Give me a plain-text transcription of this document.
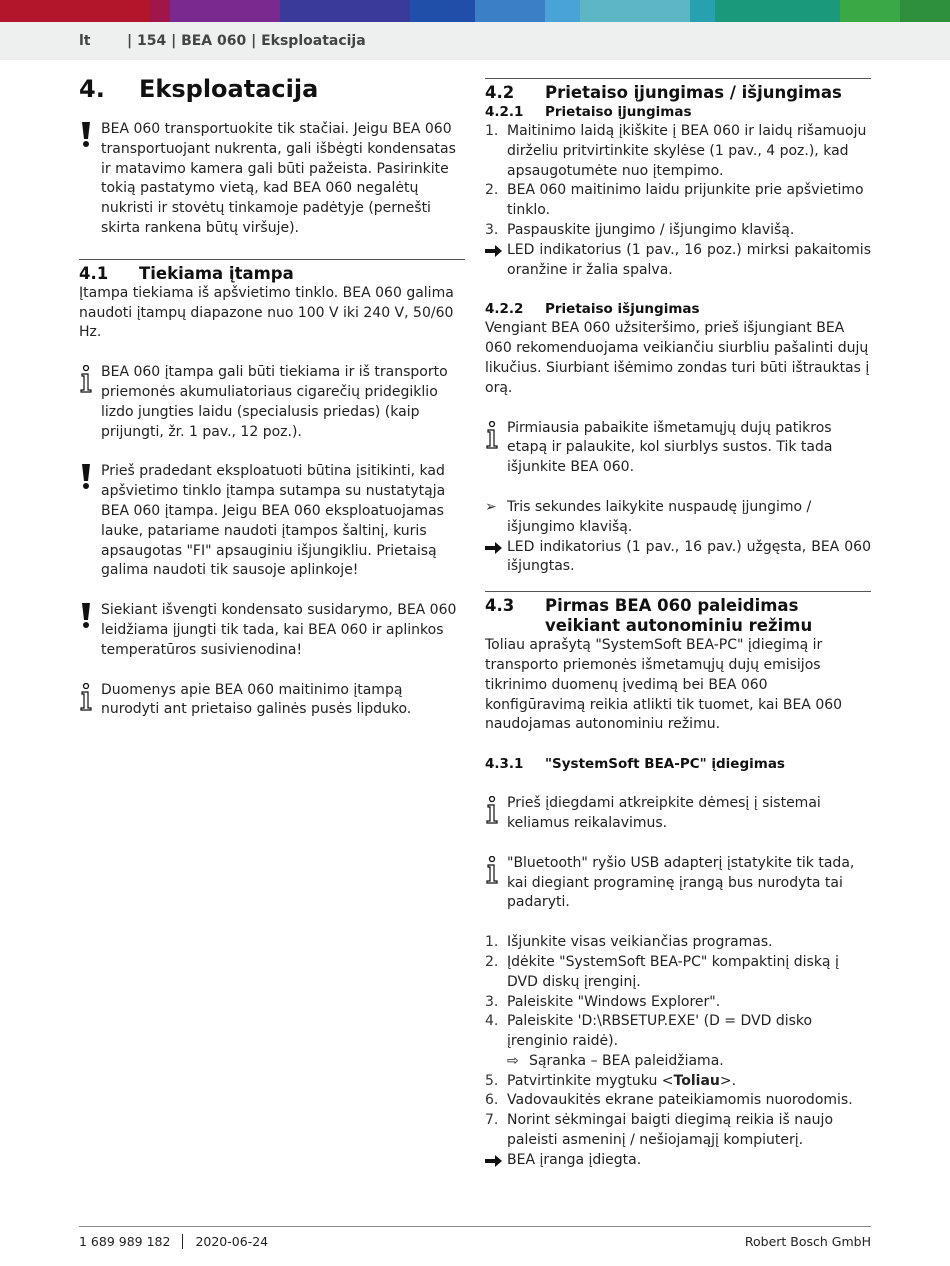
lt	| 154 | BEA 060 | Eksploatacija
4.	Eksploatacija

BEA 060 transportuokite tik stačiai. Jeigu BEA 060 transportuojant nukrenta, gali išbėgti kondensatas ir matavimo kamera gali būti pažeista. Pasirinkite tokią pastatymo vietą, kad BEA 060 negalėtų nukristi ir stovėtų tinkamoje padėtyje (pernešti skirta rankena būtų viršuje).

4.1	Tiekiama įtampa

Įtampa tiekiama iš apšvietimo tinklo. BEA 060 galima naudoti įtampų diapazone nuo 100 V iki 240 V, 50/60 Hz.

BEA 060 įtampa gali būti tiekiama ir iš transporto priemonės akumuliatoriaus cigarečių pridegiklio lizdo jungties laidu (specialusis priedas) (kaip prijungti, žr. 1 pav., 12 poz.).

Prieš pradedant eksploatuoti būtina įsitikinti, kad apšvietimo tinklo įtampa sutampa su nustatytąja BEA 060 įtampa. Jeigu BEA 060 eksploatuojamas lauke, patariame naudoti įtampos šaltinį, kuris apsaugotas "FI" apsauginiu išjungikliu. Prietaisą galima naudoti tik sausoje aplinkoje!

Siekiant išvengti kondensato susidarymo, BEA 060 leidžiama įjungti tik tada, kai BEA 060 ir aplinkos temperatūros susivienodina!

Duomenys apie BEA 060 maitinimo įtampą nurodyti ant prietaiso galinės pusės lipduko.

4.2	Prietaiso įjungimas / išjungimas
4.2.1	Prietaiso įjungimas
1. Maitinimo laidą įkiškite į BEA 060 ir laidų rišamuoju dirželiu pritvirtinkite skylėse (1 pav., 4 poz.), kad apsaugotumėte nuo įtempimo.
2. BEA 060 maitinimo laidu prijunkite prie apšvietimo tinklo.
3. Paspauskite įjungimo / išjungimo klavišą.
LED indikatorius (1 pav., 16 poz.) mirksi pakaitomis oranžine ir žalia spalva.
4.2.2	Prietaiso išjungimas

Vengiant BEA 060 užsiteršimo, prieš išjungiant BEA 060 rekomenduojama veikiančiu siurbliu pašalinti dujų likučius. Siurbiant išėmimo zondas turi būti ištrauktas į orą.

Pirmiausia pabaikite išmetamųjų dujų patikros etapą ir palaukite, kol siurblys sustos. Tik tada išjunkite BEA 060.

➢ Tris sekundes laikykite nuspaudę įjungimo / išjungimo klavišą.
LED indikatorius (1 pav., 16 pav.) užgęsta, BEA 060 išjungtas.
4.3	Pirmas BEA 060 paleidimas veikiant autonominiu režimu

Toliau aprašytą "SystemSoft BEA-PC" įdiegimą ir transporto priemonės išmetamųjų dujų emisijos tikrinimo duomenų įvedimą bei BEA 060 konfigūravimą reikia atlikti tik tuomet, kai BEA 060 naudojamas autonominiu režimu.

4.3.1	"SystemSoft BEA-PC" įdiegimas

Prieš įdiegdami atkreipkite dėmesį į sistemai keliamus reikalavimus.

"Bluetooth" ryšio USB adapterį įstatykite tik tada, kai diegiant programinę įrangą bus nurodyta tai padaryti.

1. Išjunkite visas veikiančias programas.
2. Įdėkite "SystemSoft BEA-PC" kompaktinį diską į DVD diskų įrenginį.
3. Paleiskite "Windows Explorer".
4. Paleiskite 'D:\RBSETUP.EXE' (D = DVD disko įrenginio raidė).
⇨ Sąranka – BEA paleidžiama.
5. Patvirtinkite mygtuku <Toliau>.
6. Vadovaukitės ekrane pateikiamomis nuorodomis.
7. Norint sėkmingai baigti diegimą reikia iš naujo paleisti asmeninį / nešiojamąjį kompiuterį.
BEA įranga įdiegta.
1 689 989 182 2020-06-24	Robert Bosch GmbH
